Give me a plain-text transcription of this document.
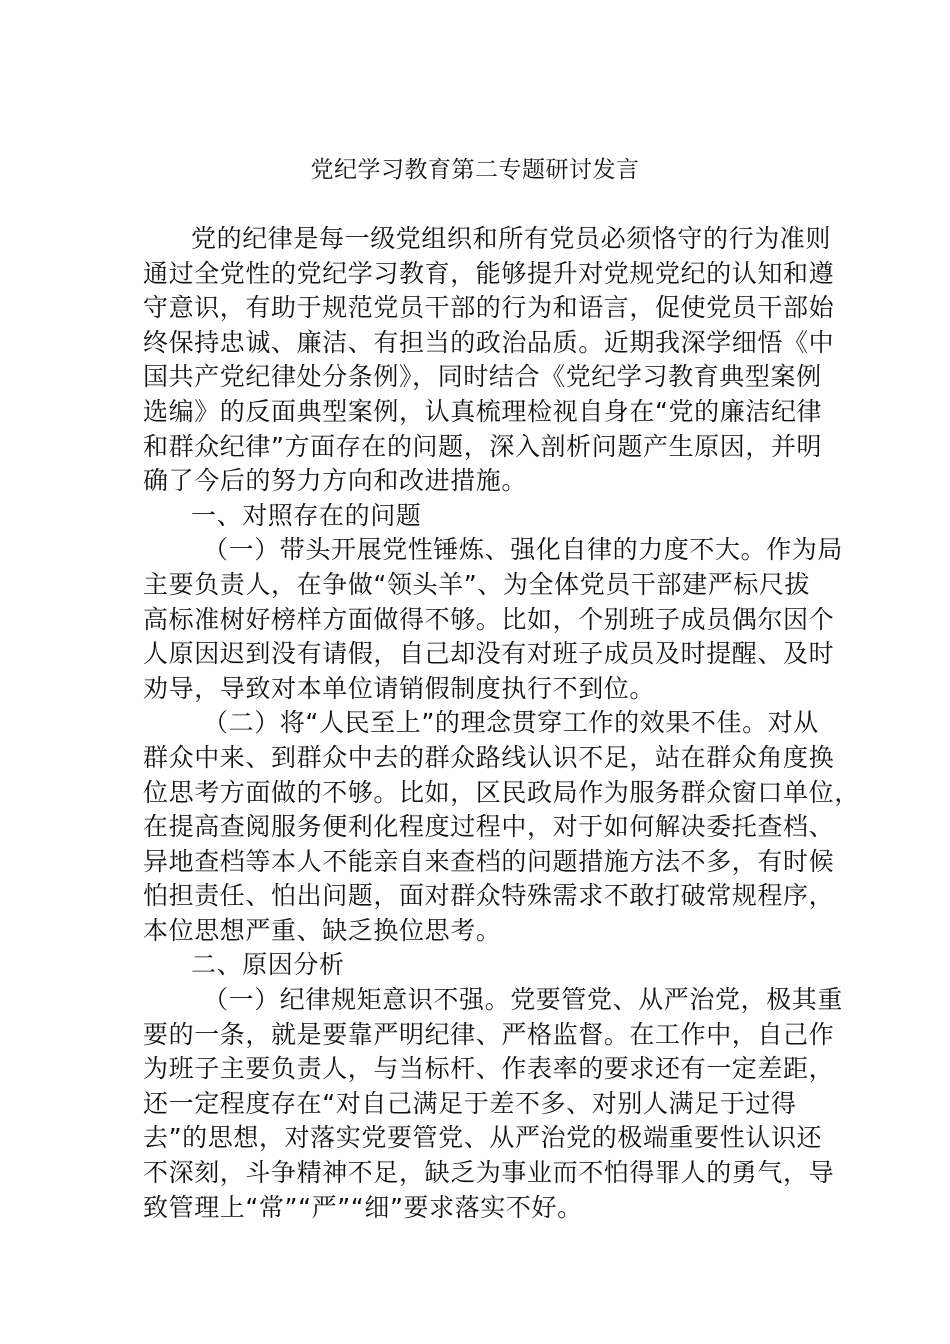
党纪学习教育第二专题研讨发言
党的纪律是每一级党组织和所有党员必须恪守的行为准则
通过全党性的党纪学习教育，能够提升对党规党纪的认知和遵
守意识，有助于规范党员干部的行为和语言，促使党员干部始
终保持忠诚、廉洁、有担当的政治品质。近期我深学细悟《中
国共产党纪律处分条例》，同时结合《党纪学习教育典型案例
选编》的反面典型案例，认真梳理检视自身在“党的廉洁纪律
和群众纪律”方面存在的问题，深入剖析问题产生原因，并明
确了今后的努力方向和改进措施。
一、对照存在的问题
（一）带头开展党性锤炼、强化自律的力度不大。作为局
主要负责人，在争做“领头羊”、为全体党员干部建严标尺拔
高标准树好榜样方面做得不够。比如，个别班子成员偶尔因个
人原因迟到没有请假，自己却没有对班子成员及时提醒、及时
劝导，导致对本单位请销假制度执行不到位。
（二）将“人民至上”的理念贯穿工作的效果不佳。对从
群众中来、到群众中去的群众路线认识不足，站在群众角度换
位思考方面做的不够。比如，区民政局作为服务群众窗口单位，
在提高查阅服务便利化程度过程中，对于如何解决委托查档、
异地查档等本人不能亲自来查档的问题措施方法不多，有时候
怕担责任、怕出问题，面对群众特殊需求不敢打破常规程序，
本位思想严重、缺乏换位思考。
二、原因分析
（一）纪律规矩意识不强。党要管党、从严治党，极其重
要的一条，就是要靠严明纪律、严格监督。在工作中，自己作
为班子主要负责人，与当标杆、作表率的要求还有一定差距，
还一定程度存在“对自己满足于差不多、对别人满足于过得
去”的思想，对落实党要管党、从严治党的极端重要性认识还
不深刻，斗争精神不足，缺乏为事业而不怕得罪人的勇气，导
致管理上“常”“严”“细”要求落实不好。
